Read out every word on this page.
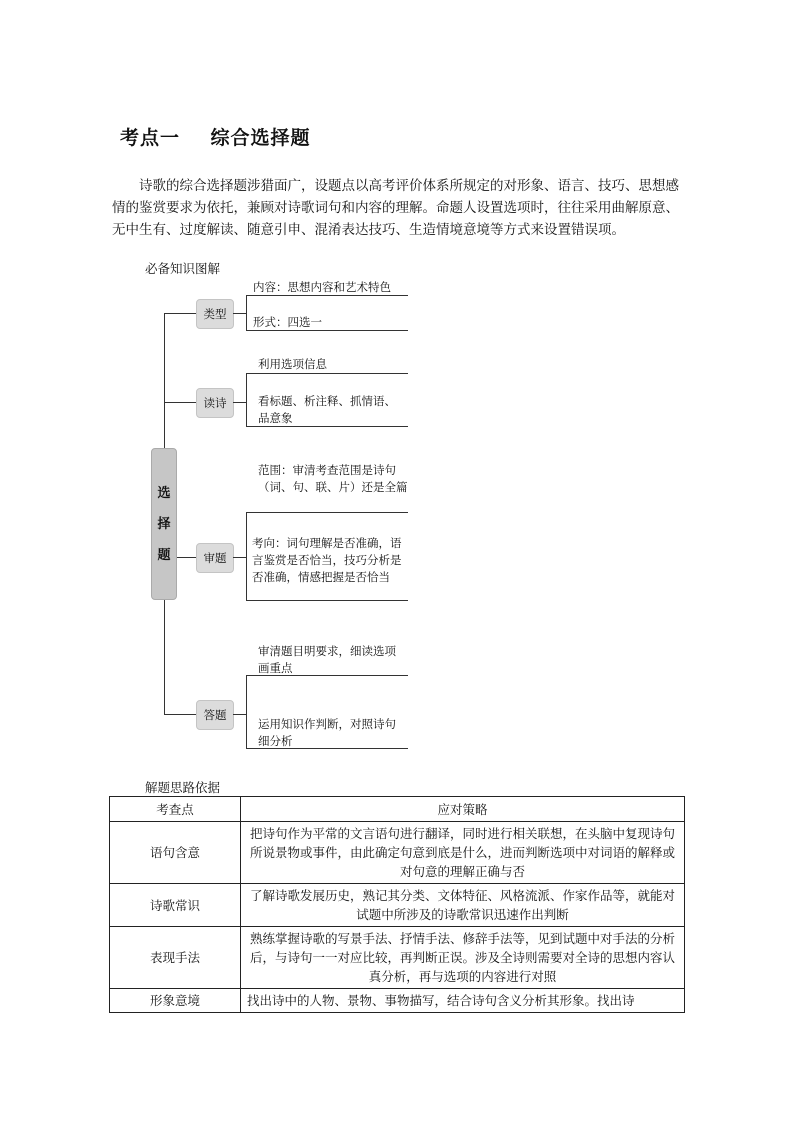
考点一    综合选择题
诗歌的综合选择题涉猎面广，设题点以高考评价体系所规定的对形象、语言、技巧、思想感情的鉴赏要求为依托，兼顾对诗歌词句和内容的理解。命题人设置选项时，往往采用曲解原意、无中生有、过度解读、随意引申、混淆表达技巧、生造情境意境等方式来设置错误项。
必备知识图解
选
择
题
类型
内容：思想内容和艺术特色
形式：四选一
读诗
利用选项信息
看标题、析注释、抓情语、品意象
审题
范围：审清考查范围是诗句（词、句、联、片）还是全篇
考向：词句理解是否准确，语言鉴赏是否恰当，技巧分析是否准确，情感把握是否恰当
答题
审清题目明要求，细读选项画重点
运用知识作判断，对照诗句细分析
解题思路依据
考查点	应对策略
语句含意	把诗句作为平常的文言语句进行翻译，同时进行相关联想，在头脑中复现诗句所说景物或事件，由此确定句意到底是什么，进而判断选项中对词语的解释或对句意的理解正确与否
诗歌常识	了解诗歌发展历史，熟记其分类、文体特征、风格流派、作家作品等，就能对试题中所涉及的诗歌常识迅速作出判断
表现手法	熟练掌握诗歌的写景手法、抒情手法、修辞手法等，见到试题中对手法的分析后，与诗句一一对应比较，再判断正误。涉及全诗则需要对全诗的思想内容认真分析，再与选项的内容进行对照
形象意境	找出诗中的人物、景物、事物描写，结合诗句含义分析其形象。找出诗
